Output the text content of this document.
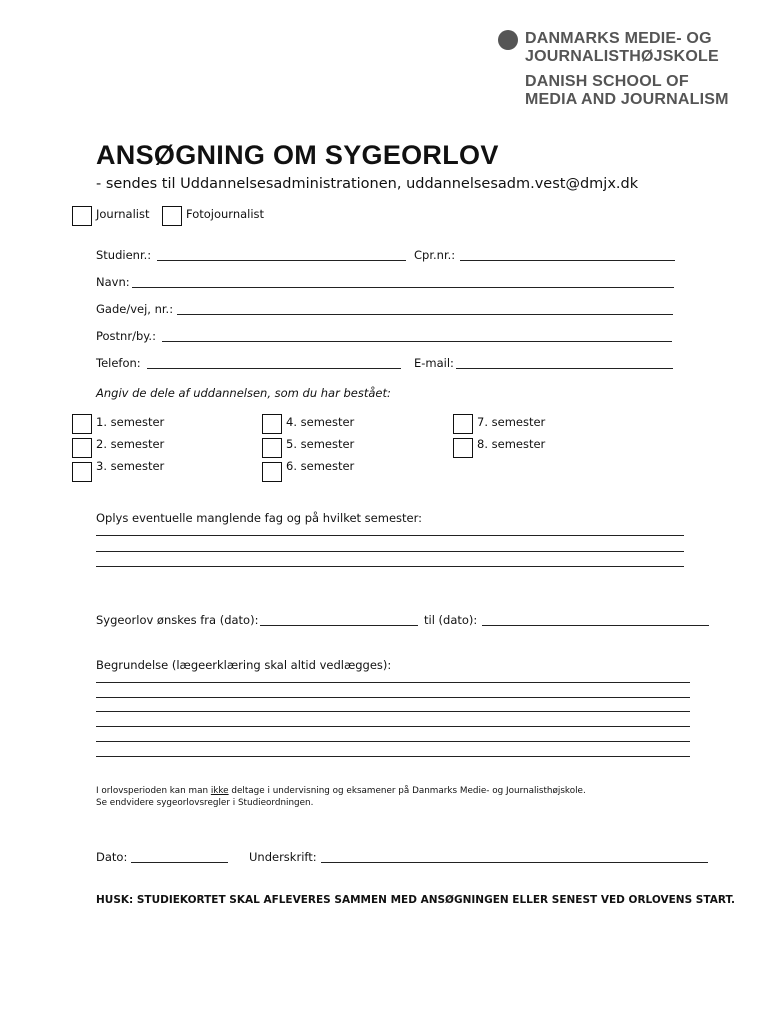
DANMARKS MEDIE- OG
JOURNALISTHØJSKOLE
DANISH SCHOOL OF
MEDIA AND JOURNALISM
ANSØGNING OM SYGEORLOV
- sendes til Uddannelsesadministrationen, uddannelsesadm.vest@dmjx.dk
Journalist	Fotojournalist
Studienr.:	Cpr.nr.:
Navn:
Gade/vej, nr.:
Postnr/by.:
Telefon:	E-mail:
Angiv de dele af uddannelsen, som du har bestået:
1. semester
2. semester
3. semester
4. semester
5. semester
6. semester
7. semester
8. semester
Oplys eventuelle manglende fag og på hvilket semester:
Sygeorlov ønskes fra (dato):	til (dato):
Begrundelse (lægeerklæring skal altid vedlægges):
I orlovsperioden kan man ikke deltage i undervisning og eksamener på Danmarks Medie- og Journalisthøjskole.
Se endvidere sygeorlovsregler i Studieordningen.
Dato:	Underskrift:
HUSK: STUDIEKORTET SKAL AFLEVERES SAMMEN MED ANSØGNINGEN ELLER SENEST VED ORLOVENS START.
